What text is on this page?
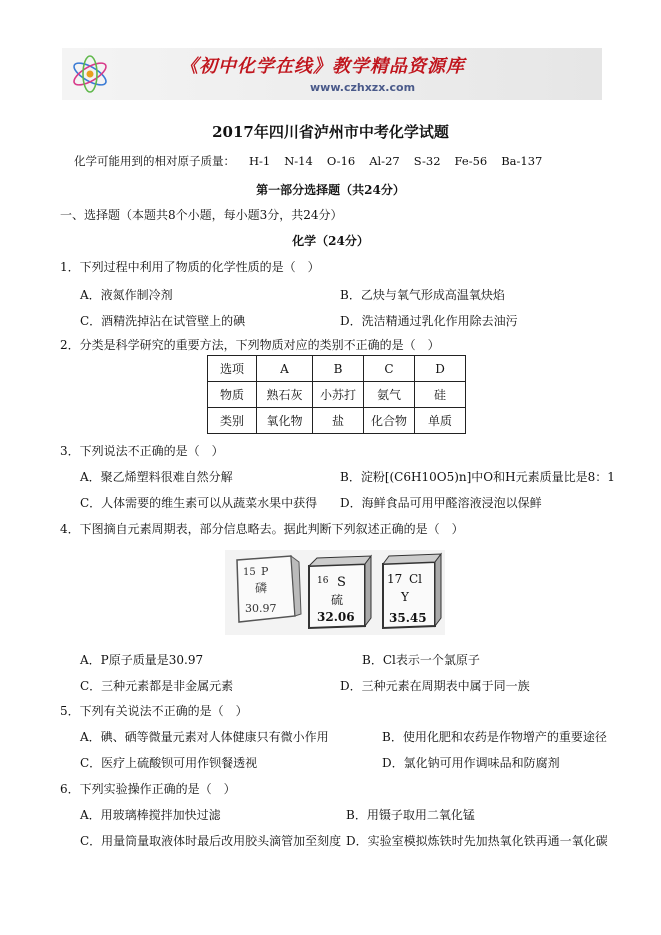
《初中化学在线》教学精品资源库
www.czhxzx.com
2017年四川省泸州市中考化学试题
化学可能用到的相对原子质量： H-1 N-14 O-16 Al-27 S-32 Fe-56 Ba-137
第一部分选择题（共24分）
一、选择题（本题共8个小题，每小题3分，共24分）
化学（24分）
1．下列过程中利用了物质的化学性质的是（　）
A．液氮作制冷剂	B．乙炔与氧气形成高温氧炔焰
C．酒精洗掉沾在试管壁上的碘	D．洗洁精通过乳化作用除去油污
2．分类是科学研究的重要方法，下列物质对应的类别不正确的是（　）
选项	A	B	C	D
物质	熟石灰	小苏打	氨气	硅
类别	氧化物	盐	化合物	单质
3．下列说法不正确的是（　）
A．聚乙烯塑料很难自然分解	B．淀粉[(C6H10O5)n]中O和H元素质量比是8：1
C．人体需要的维生素可以从蔬菜水果中获得 D．海鲜食品可用甲醛溶液浸泡以保鲜
4．下图摘自元素周期表，部分信息略去。据此判断下列叙述正确的是（　）
15 P
磷
30.97
16 S
硫
32.06
17 Cl
Y
35.45
A．P原子质量是30.97	B．Cl表示一个氯原子
C．三种元素都是非金属元素	D．三种元素在周期表中属于同一族
5．下列有关说法不正确的是（　）
A．碘、硒等微量元素对人体健康只有微小作用	B．使用化肥和农药是作物增产的重要途径
C．医疗上硫酸钡可用作钡餐透视	D．氯化钠可用作调味品和防腐剂
6．下列实验操作正确的是（　）
A．用玻璃棒搅拌加快过滤	B．用镊子取用二氧化锰
C．用量筒量取液体时最后改用胶头滴管加至刻度 D．实验室模拟炼铁时先加热氧化铁再通一氧化碳
